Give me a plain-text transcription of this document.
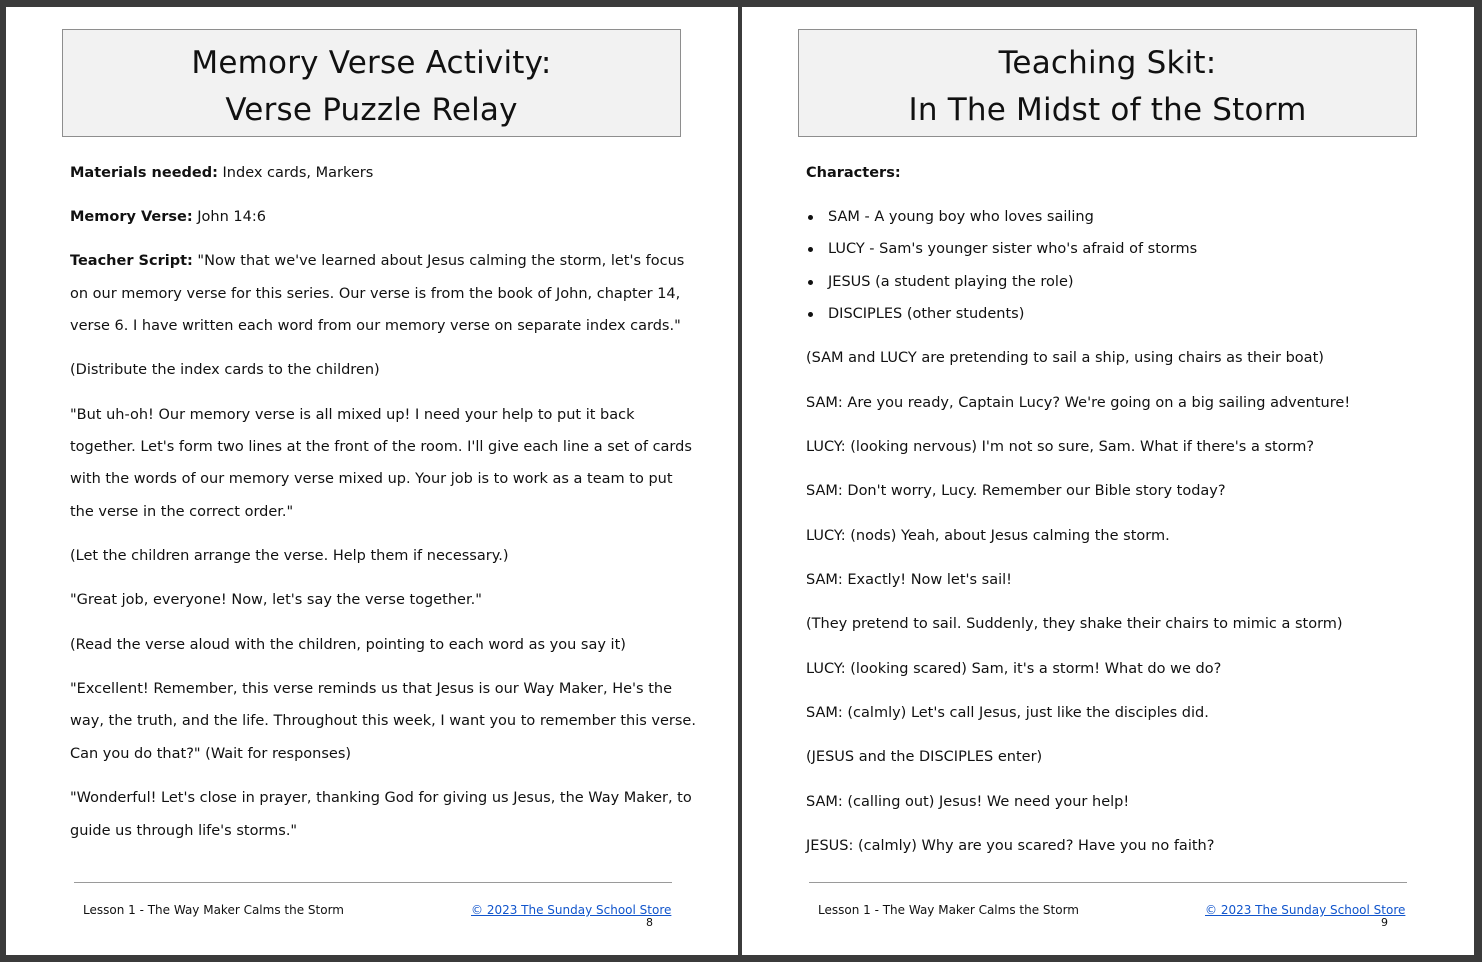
Memory Verse Activity:
Verse Puzzle Relay
Materials needed: Index cards, Markers
Memory Verse: John 14:6
Teacher Script: "Now that we've learned about Jesus calming the storm, let's focus
on our memory verse for this series. Our verse is from the book of John, chapter 14,
verse 6. I have written each word from our memory verse on separate index cards."
(Distribute the index cards to the children)
"But uh-oh! Our memory verse is all mixed up! I need your help to put it back
together. Let's form two lines at the front of the room. I'll give each line a set of cards
with the words of our memory verse mixed up. Your job is to work as a team to put
the verse in the correct order."
(Let the children arrange the verse. Help them if necessary.)
"Great job, everyone! Now, let's say the verse together."
(Read the verse aloud with the children, pointing to each word as you say it)
"Excellent! Remember, this verse reminds us that Jesus is our Way Maker, He's the
way, the truth, and the life. Throughout this week, I want you to remember this verse.
Can you do that?" (Wait for responses)
"Wonderful! Let's close in prayer, thanking God for giving us Jesus, the Way Maker, to
guide us through life's storms."
Lesson 1 - The Way Maker Calms the Storm	© 2023 The Sunday School Store
8
Teaching Skit:
In The Midst of the Storm
Characters:
SAM - A young boy who loves sailing
LUCY - Sam's younger sister who's afraid of storms
JESUS (a student playing the role)
DISCIPLES (other students)
(SAM and LUCY are pretending to sail a ship, using chairs as their boat)
SAM: Are you ready, Captain Lucy? We're going on a big sailing adventure!
LUCY: (looking nervous) I'm not so sure, Sam. What if there's a storm?
SAM: Don't worry, Lucy. Remember our Bible story today?
LUCY: (nods) Yeah, about Jesus calming the storm.
SAM: Exactly! Now let's sail!
(They pretend to sail. Suddenly, they shake their chairs to mimic a storm)
LUCY: (looking scared) Sam, it's a storm! What do we do?
SAM: (calmly) Let's call Jesus, just like the disciples did.
(JESUS and the DISCIPLES enter)
SAM: (calling out) Jesus! We need your help!
JESUS: (calmly) Why are you scared? Have you no faith?
Lesson 1 - The Way Maker Calms the Storm	© 2023 The Sunday School Store
9
